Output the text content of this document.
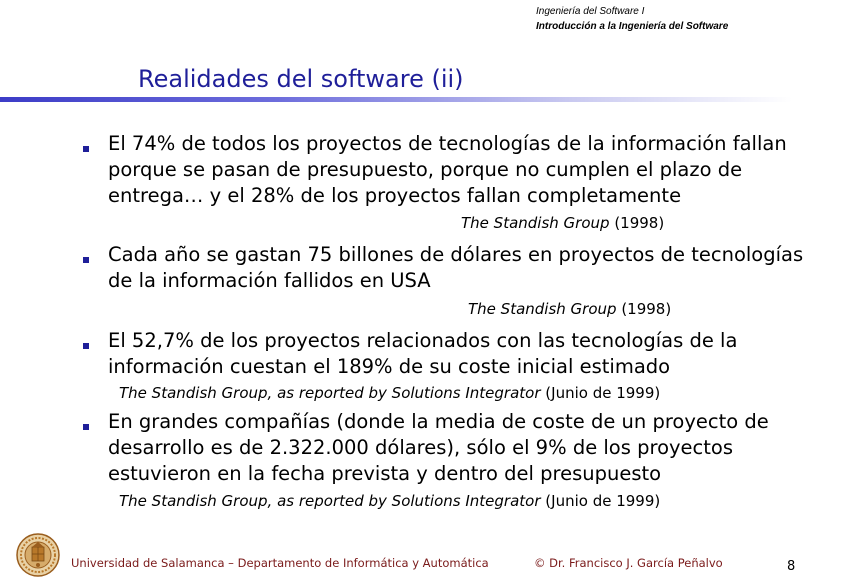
Ingeniería del Software I
Introducción a la Ingeniería del Software
Realidades del software (ii)
El 74% de todos los proyectos de tecnologías de la información fallan porque se pasan de presupuesto, porque no cumplen el plazo de entrega… y el 28% de los proyectos fallan completamente
The Standish Group (1998)
Cada año se gastan 75 billones de dólares en proyectos de tecnologías de la información fallidos en USA
The Standish Group (1998)
El 52,7% de los proyectos relacionados con las tecnologías de la información cuestan el 189% de su coste inicial estimado
The Standish Group, as reported by Solutions Integrator (Junio de 1999)
En grandes compañías (donde la media de coste de un proyecto de desarrollo es de 2.322.000 dólares), sólo el 9% de los proyectos estuvieron en la fecha prevista y dentro del presupuesto
The Standish Group, as reported by Solutions Integrator (Junio de 1999)
Universidad de Salamanca – Departamento de Informática y Automática	© Dr. Francisco J. García Peñalvo	8
